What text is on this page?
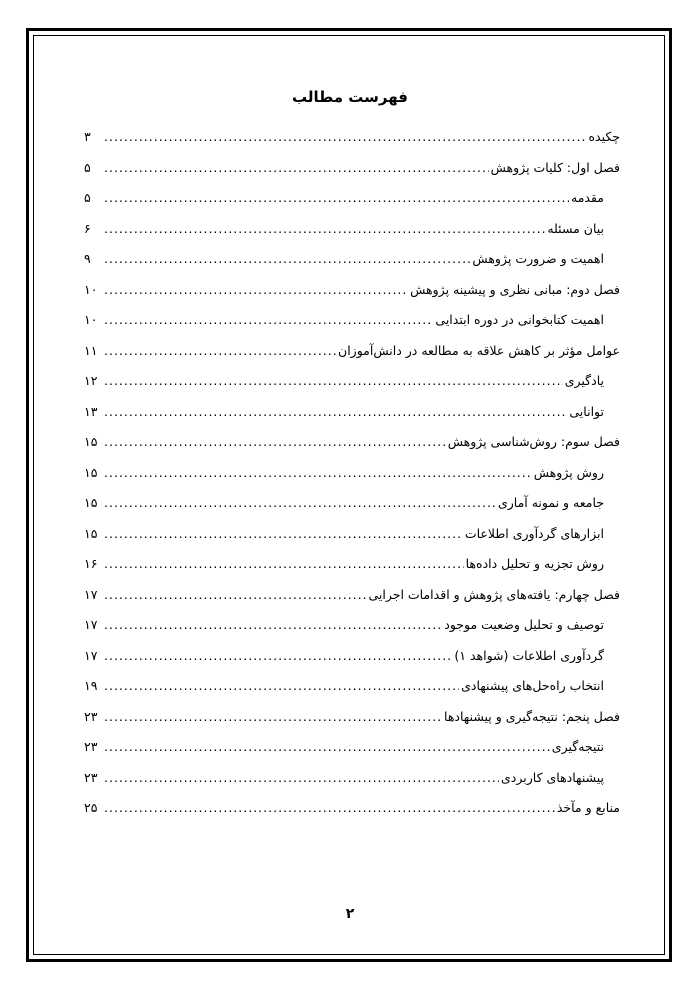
فهرست مطالب
چکیده
.....
۳
فصل اول: کلیات پژوهش
.....
۵
مقدمه
.....
۵
بیان مسئله
.....
۶
اهمیت و ضرورت پژوهش
.....
۹
فصل دوم: مبانی نظری و پیشینه پژوهش
.....
۱۰
اهمیت کتابخوانی در دوره ابتدایی
.....
۱۰
عوامل مؤثر بر کاهش علاقه به مطالعه در دانش‌آموزان
.....
۱۱
یادگیری
.....
۱۲
توانایی
.....
۱۳
فصل سوم: روش‌شناسی پژوهش
.....
۱۵
روش پژوهش
.....
۱۵
جامعه و نمونه آماری
.....
۱۵
ابزارهای گردآوری اطلاعات
.....
۱۵
روش تجزیه و تحلیل داده‌ها
.....
۱۶
فصل چهارم: یافته‌های پژوهش و اقدامات اجرایی
.....
۱۷
توصیف و تحلیل وضعیت موجود
.....
۱۷
گردآوری اطلاعات (شواهد ۱)
.....
۱۷
انتخاب راه‌حل‌های پیشنهادی
.....
۱۹
فصل پنجم: نتیجه‌گیری و پیشنهادها
.....
۲۳
نتیجه‌گیری
.....
۲۳
پیشنهادهای کاربردی
.....
۲۳
منابع و مآخذ
.....
۲۵
۲
